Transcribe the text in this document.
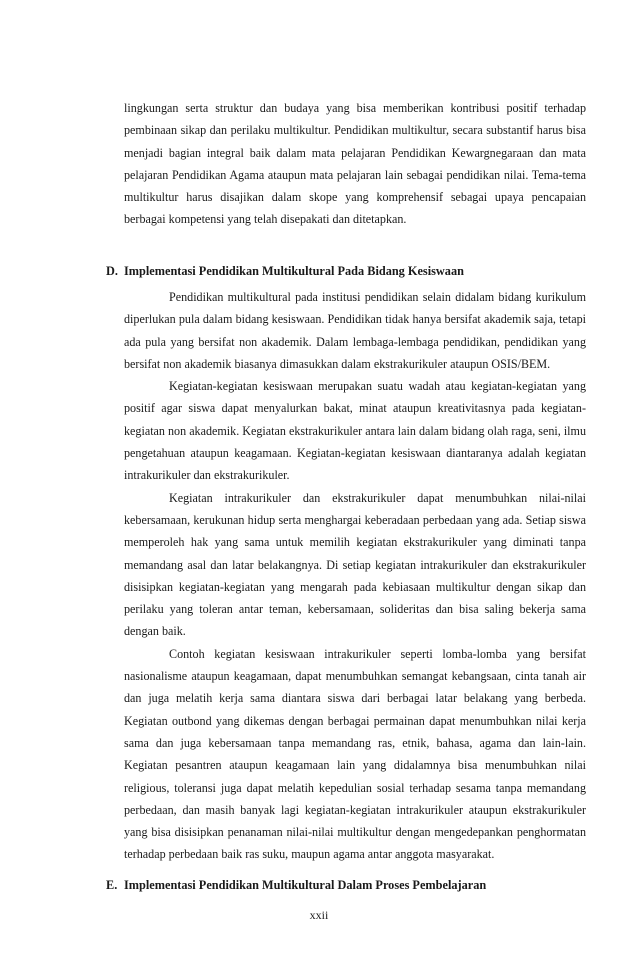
lingkungan serta struktur dan budaya yang bisa memberikan kontribusi positif terhadap pembinaan sikap dan perilaku multikultur. Pendidikan multikultur, secara substantif harus bisa menjadi bagian integral baik dalam mata pelajaran Pendidikan Kewargnegaraan dan mata pelajaran Pendidikan Agama ataupun mata pelajaran lain sebagai pendidikan nilai. Tema-tema multikultur harus disajikan dalam skope yang komprehensif sebagai upaya pencapaian berbagai kompetensi yang telah disepakati dan ditetapkan.

D. Implementasi Pendidikan Multikultural Pada Bidang Kesiswaan

Pendidikan multikultural pada institusi pendidikan selain didalam bidang kurikulum diperlukan pula dalam bidang kesiswaan. Pendidikan tidak hanya bersifat akademik saja, tetapi ada pula yang bersifat non akademik. Dalam lembaga-lembaga pendidikan, pendidikan yang bersifat non akademik biasanya dimasukkan dalam ekstrakurikuler ataupun OSIS/BEM.

Kegiatan-kegiatan kesiswaan merupakan suatu wadah atau kegiatan-kegiatan yang positif agar siswa dapat menyalurkan bakat, minat ataupun kreativitasnya pada kegiatan-kegiatan non akademik. Kegiatan ekstrakurikuler antara lain dalam bidang olah raga, seni, ilmu pengetahuan ataupun keagamaan. Kegiatan-kegiatan kesiswaan diantaranya adalah kegiatan intrakurikuler dan ekstrakurikuler.

Kegiatan intrakurikuler dan ekstrakurikuler dapat menumbuhkan nilai-nilai kebersamaan, kerukunan hidup serta menghargai keberadaan perbedaan yang ada. Setiap siswa memperoleh hak yang sama untuk memilih kegiatan ekstrakurikuler yang diminati tanpa memandang asal dan latar belakangnya. Di setiap kegiatan intrakurikuler dan ekstrakurikuler disisipkan kegiatan-kegiatan yang mengarah pada kebiasaan multikultur dengan sikap dan perilaku yang toleran antar teman, kebersamaan, solideritas dan bisa saling bekerja sama dengan baik.

Contoh kegiatan kesiswaan intrakurikuler seperti lomba-lomba yang bersifat nasionalisme ataupun keagamaan, dapat menumbuhkan semangat kebangsaan, cinta tanah air dan juga melatih kerja sama diantara siswa dari berbagai latar belakang yang berbeda. Kegiatan outbond yang dikemas dengan berbagai permainan dapat menumbuhkan nilai kerja sama dan juga kebersamaan tanpa memandang ras, etnik, bahasa, agama dan lain-lain. Kegiatan pesantren ataupun keagamaan lain yang didalamnya bisa menumbuhkan nilai religious, toleransi juga dapat melatih kepedulian sosial terhadap sesama tanpa memandang perbedaan, dan masih banyak lagi kegiatan-kegiatan intrakurikuler ataupun ekstrakurikuler yang bisa disisipkan penanaman nilai-nilai multikultur dengan mengedepankan penghormatan terhadap perbedaan baik ras suku, maupun agama antar anggota masyarakat.

E. Implementasi Pendidikan Multikultural Dalam Proses Pembelajaran
xxii
